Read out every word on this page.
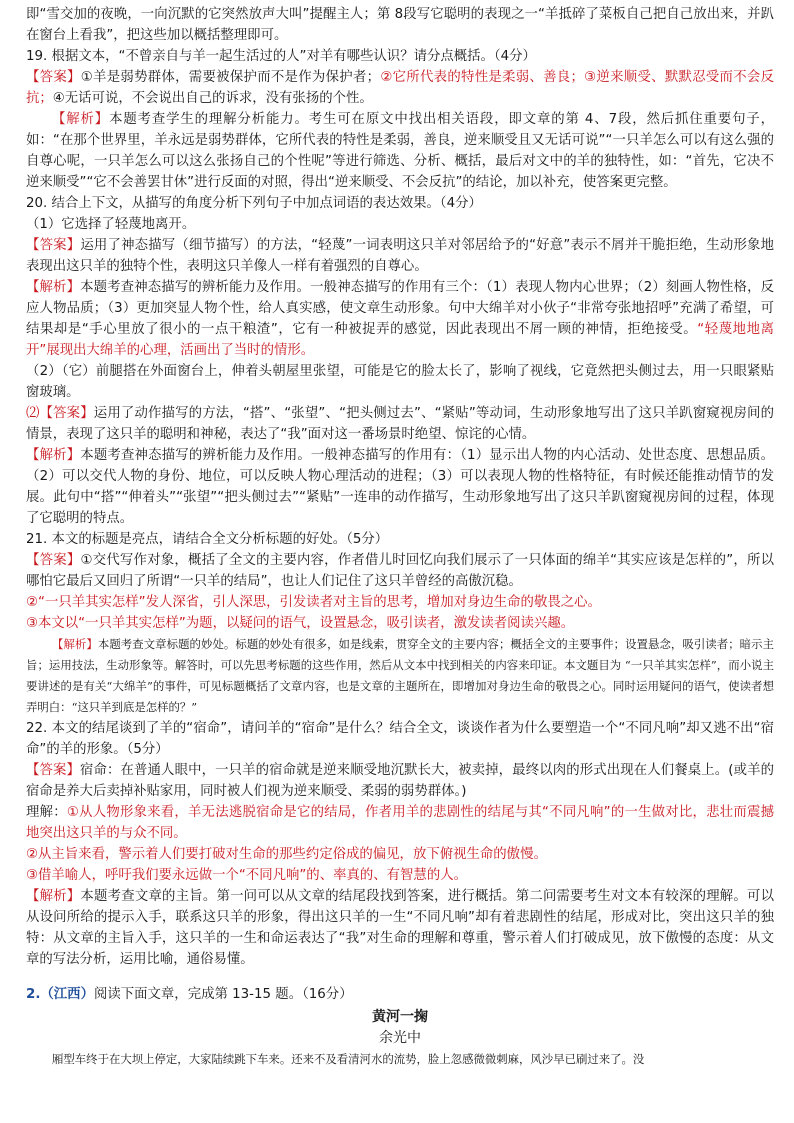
即“雪交加的夜晚，一向沉默的它突然放声大叫”提醒主人；第 8段写它聪明的表现之一“羊抵碎了菜板自己把自己放出来，并趴在窗台上看我”，把这些加以概括整理即可。

19. 根据文本，“不曾亲自与羊一起生活过的人”对羊有哪些认识？请分点概括。（4分）

【答案】①羊是弱势群体，需要被保护而不是作为保护者；②它所代表的特性是柔弱、善良；③逆来顺受、默默忍受而不会反抗；④无话可说，不会说出自己的诉求，没有张扬的个性。

【解析】本题考查学生的理解分析能力。考生可在原文中找出相关语段，即文章的第 4、7段，然后抓住重要句子，如：“在那个世界里，羊永远是弱势群体，它所代表的特性是柔弱，善良，逆来顺受且又无话可说”“一只羊怎么可以有这么强的自尊心呢，一只羊怎么可以这么张扬自己的个性呢”等进行筛选、分析、概括，最后对文中的羊的独特性，如：“首先，它决不逆来顺受”“它不会善罢甘休”进行反面的对照，得出“逆来顺受、不会反抗”的结论，加以补充，使答案更完整。

20. 结合上下文，从描写的角度分析下列句子中加点词语的表达效果。（4分）

（1）它选择了轻蔑地离开。

【答案】运用了神态描写（细节描写）的方法，“轻蔑”一词表明这只羊对邻居给予的“好意”表示不屑并干脆拒绝，生动形象地表现出这只羊的独特个性，表明这只羊像人一样有着强烈的自尊心。

【解析】本题考查神态描写的辨析能力及作用。一般神态描写的作用有三个：（1）表现人物内心世界；（2）刻画人物性格，反应人物品质；（3）更加突显人物个性，给人真实感，使文章生动形象。句中大绵羊对小伙子“非常夸张地招呼”充满了希望，可结果却是“手心里放了很小的一点干粮渣”，它有一种被捉弄的感觉，因此表现出不屑一顾的神情，拒绝接受。“轻蔑地地离开”展现出大绵羊的心理，活画出了当时的情形。

（2）（它）前腿搭在外面窗台上，伸着头朝屋里张望，可能是它的脸太长了，影响了视线，它竟然把头侧过去，用一只眼紧贴窗玻璃。

⑵【答案】运用了动作描写的方法，“搭”、“张望”、“把头侧过去”、“紧贴”等动词，生动形象地写出了这只羊趴窗窥视房间的情景，表现了这只羊的聪明和神秘，表达了“我”面对这一番场景时绝望、惊诧的心情。

【解析】本题考查神态描写的辨析能力及作用。一般神态描写的作用有：（1）显示出人物的内心活动、处世态度、思想品质。（2）可以交代人物的身份、地位，可以反映人物心理活动的进程；（3）可以表现人物的性格特征，有时候还能推动情节的发展。此句中“搭”“伸着头”“张望”“把头侧过去”“紧贴”一连串的动作描写，生动形象地写出了这只羊趴窗窥视房间的过程，体现了它聪明的特点。

21. 本文的标题是亮点，请结合全文分析标题的好处。（5分）

【答案】①交代写作对象，概括了全文的主要内容，作者借儿时回忆向我们展示了一只体面的绵羊“其实应该是怎样的”，所以哪怕它最后又回归了所谓“一只羊的结局”，也让人们记住了这只羊曾经的高傲沉稳。

②“一只羊其实怎样”发人深省，引人深思，引发读者对主旨的思考，增加对身边生命的敬畏之心。

③本文以“一只羊其实怎样”为题，以疑问的语气，设置悬念，吸引读者，激发读者阅读兴趣。

【解析】本题考查文章标题的妙处。标题的妙处有很多，如是线索，贯穿全文的主要内容；概括全文的主要事件；设置悬念，吸引读者；暗示主旨；运用技法，生动形象等。解答时，可以先思考标题的这些作用，然后从文本中找到相关的内容来印证。本文题目为 “一只羊其实怎样”，而小说主要讲述的是有关“大绵羊”的事件，可见标题概括了文章内容，也是文章的主题所在，即增加对身边生命的敬畏之心。同时运用疑问的语气，使读者想弄明白：“这只羊到底是怎样的？”

22. 本文的结尾谈到了羊的“宿命”，请问羊的“宿命”是什么？结合全文，谈谈作者为什么要塑造一个“不同凡响”却又逃不出“宿命”的羊的形象。（5分）

【答案】宿命：在普通人眼中，一只羊的宿命就是逆来顺受地沉默长大，被卖掉，最终以肉的形式出现在人们餐桌上。(或羊的宿命是养大后卖掉补贴家用，同时被人们视为逆来顺受、柔弱的弱势群体。)

理解：①从人物形象来看，羊无法逃脱宿命是它的结局，作者用羊的悲剧性的结尾与其“不同凡响”的一生做对比，悲壮而震撼地突出这只羊的与众不同。

②从主旨来看，警示着人们要打破对生命的那些约定俗成的偏见，放下俯视生命的傲慢。

③借羊喻人，呼吁我们要永远做一个“不同凡响”的、率真的、有智慧的人。

【解析】本题考查文章的主旨。第一问可以从文章的结尾段找到答案，进行概括。第二问需要考生对文本有较深的理解。可以从设问所给的提示入手，联系这只羊的形象，得出这只羊的一生“不同凡响”却有着悲剧性的结尾，形成对比，突出这只羊的独特：从文章的主旨入手，这只羊的一生和命运表达了“我”对生命的理解和尊重，警示着人们打破成见，放下傲慢的态度：从文章的写法分析，运用比喻，通俗易懂。

2.（江西）阅读下面文章，完成第 13-15 题。（16分）

黄河一掬
余光中

厢型车终于在大坝上停定，大家陆续跳下车来。还来不及看清河水的流势，脸上忽感微微刺麻，风沙早已刷过来了。没
